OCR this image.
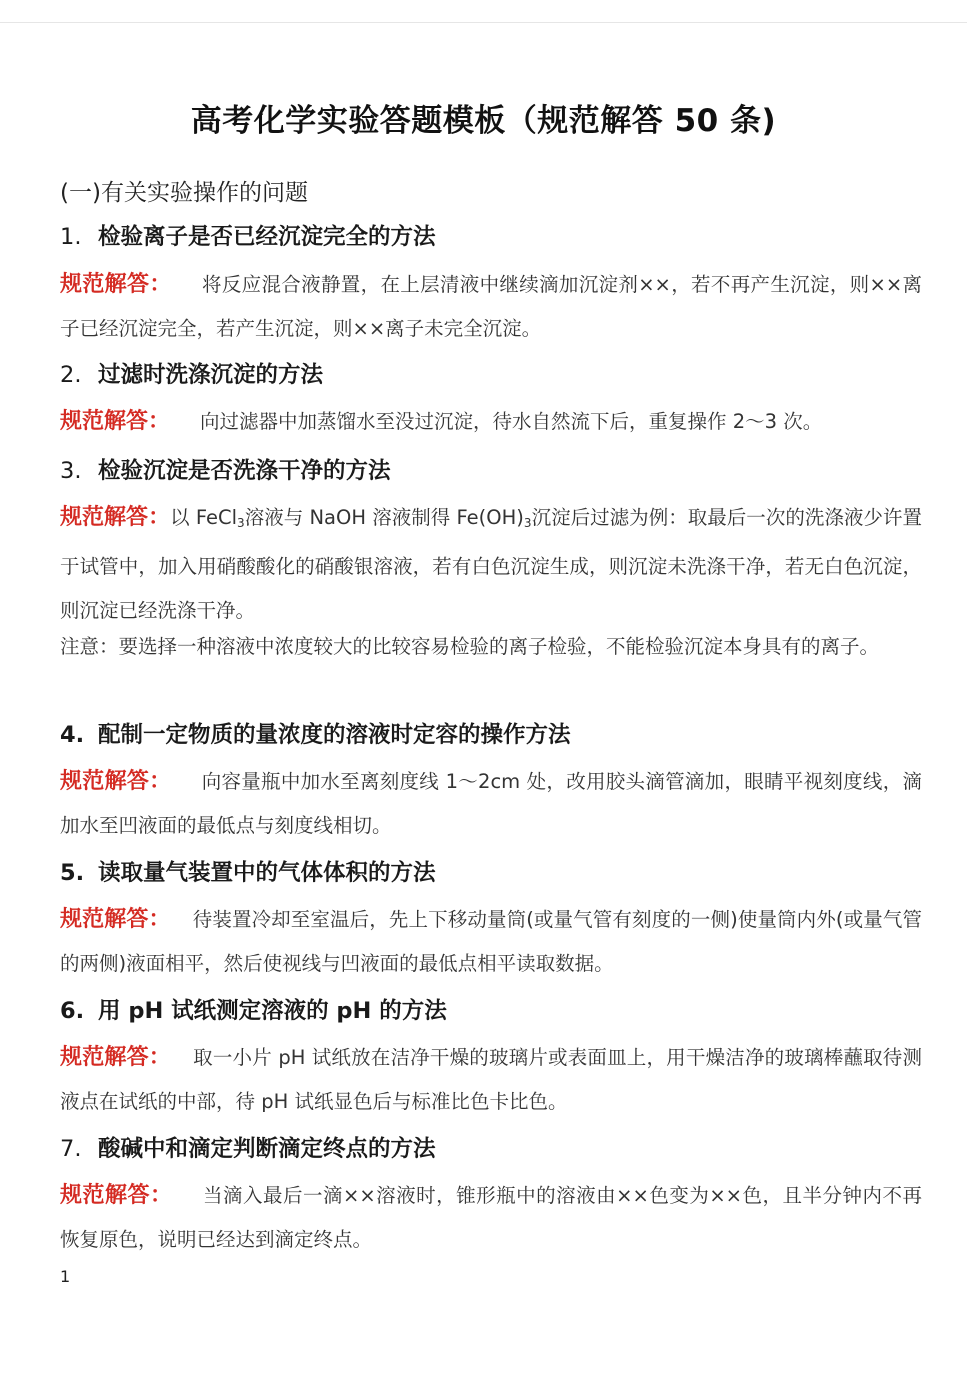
高考化学实验答题模板（规范解答 50 条)
(一)有关实验操作的问题
1. 检验离子是否已经沉淀完全的方法
规范解答： 将反应混合液静置，在上层清液中继续滴加沉淀剂××，若不再产生沉淀，则××离子已经沉淀完全，若产生沉淀，则××离子未完全沉淀。
2. 过滤时洗涤沉淀的方法
规范解答： 向过滤器中加蒸馏水至没过沉淀，待水自然流下后，重复操作 2～3 次。
3. 检验沉淀是否洗涤干净的方法
规范解答：以 FeCl$_3$溶液与 NaOH 溶液制得 $Fe(OH)_3$沉淀后过滤为例：取最后一次的洗涤液少许置于试管中，加入用硝酸酸化的硝酸银溶液，若有白色沉淀生成，则沉淀未洗涤干净，若无白色沉淀，则沉淀已经洗涤干净。
注意：要选择一种溶液中浓度较大的比较容易检验的离子检验，不能检验沉淀本身具有的离子。
4. 配制一定物质的量浓度的溶液时定容的操作方法
规范解答： 向容量瓶中加水至离刻度线 1～2cm 处，改用胶头滴管滴加，眼睛平视刻度线，滴加水至凹液面的最低点与刻度线相切。
5. 读取量气装置中的气体体积的方法
规范解答： 待装置冷却至室温后，先上下移动量筒(或量气管有刻度的一侧)使量筒内外(或量气管的两侧)液面相平，然后使视线与凹液面的最低点相平读取数据。
6. 用 pH 试纸测定溶液的 pH 的方法
规范解答： 取一小片 pH 试纸放在洁净干燥的玻璃片或表面皿上，用干燥洁净的玻璃棒蘸取待测液点在试纸的中部，待 pH 试纸显色后与标准比色卡比色。
7. 酸碱中和滴定判断滴定终点的方法
规范解答： 当滴入最后一滴××溶液时，锥形瓶中的溶液由××色变为××色，且半分钟内不再恢复原色，说明已经达到滴定终点。
1
